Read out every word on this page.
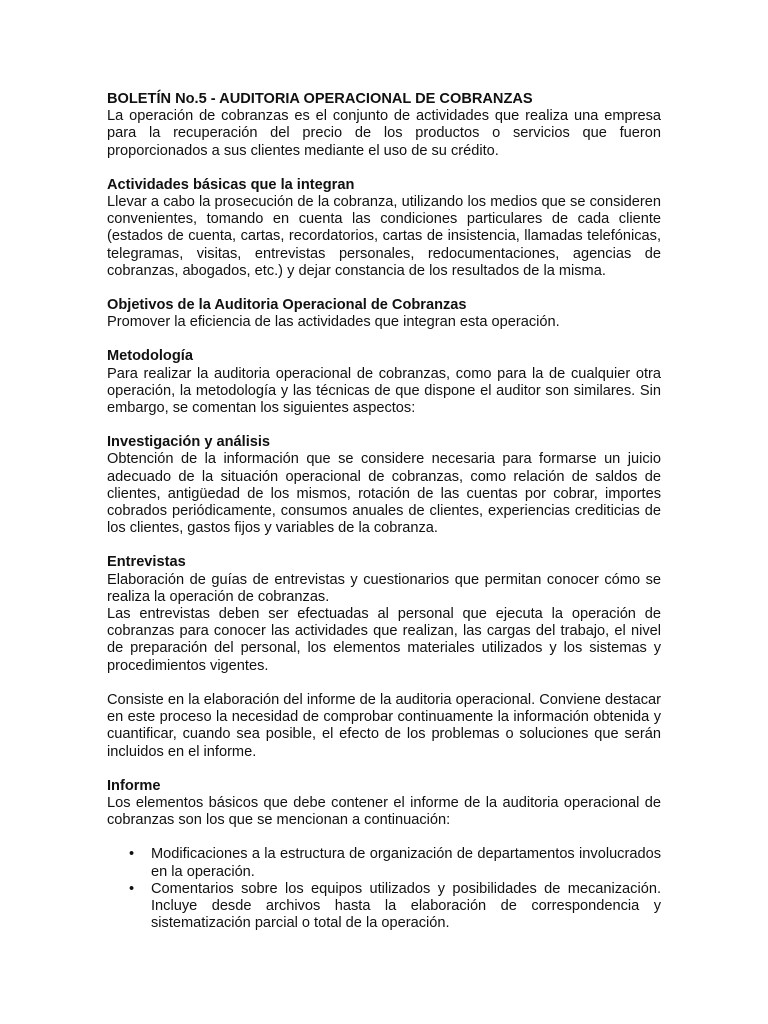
BOLETÍN No.5 - AUDITORIA OPERACIONAL DE COBRANZAS

La operación de cobranzas es el conjunto de actividades que realiza una empresa para la recuperación del precio de los productos o servicios que fueron proporcionados a sus clientes mediante el uso de su crédito.

Actividades básicas que la integran

Llevar a cabo la prosecución de la cobranza, utilizando los medios que se consideren convenientes, tomando en cuenta las condiciones particulares de cada cliente (estados de cuenta, cartas, recordatorios, cartas de insistencia, llamadas telefónicas, telegramas, visitas, entrevistas personales, redocumentaciones, agencias de cobranzas, abogados, etc.) y dejar constancia de los resultados de la misma.

Objetivos de la Auditoria Operacional de Cobranzas

Promover la eficiencia de las actividades que integran esta operación.

Metodología

Para realizar la auditoria operacional de cobranzas, como para la de cualquier otra operación, la metodología y las técnicas de que dispone el auditor son similares. Sin embargo, se comentan los siguientes aspectos:

Investigación y análisis

Obtención de la información que se considere necesaria para formarse un juicio adecuado de la situación operacional de cobranzas, como relación de saldos de clientes, antigüedad de los mismos, rotación de las cuentas por cobrar, importes cobrados periódicamente, consumos anuales de clientes, experiencias crediticias de los clientes, gastos fijos y variables de la cobranza.

Entrevistas

Elaboración de guías de entrevistas y cuestionarios que permitan conocer cómo se realiza la operación de cobranzas.

Las entrevistas deben ser efectuadas al personal que ejecuta la operación de cobranzas para conocer las actividades que realizan, las cargas del trabajo, el nivel de preparación del personal, los elementos materiales utilizados y los sistemas y procedimientos vigentes.

Consiste en la elaboración del informe de la auditoria operacional. Conviene destacar en este proceso la necesidad de comprobar continuamente la información obtenida y cuantificar, cuando sea posible, el efecto de los problemas o soluciones que serán incluidos en el informe.

Informe

Los elementos básicos que debe contener el informe de la auditoria operacional de cobranzas son los que se mencionan a continuación:

• Modificaciones a la estructura de organización de departamentos involucrados en la operación.
• Comentarios sobre los equipos utilizados y posibilidades de mecanización. Incluye desde archivos hasta la elaboración de correspondencia y sistematización parcial o total de la operación.
